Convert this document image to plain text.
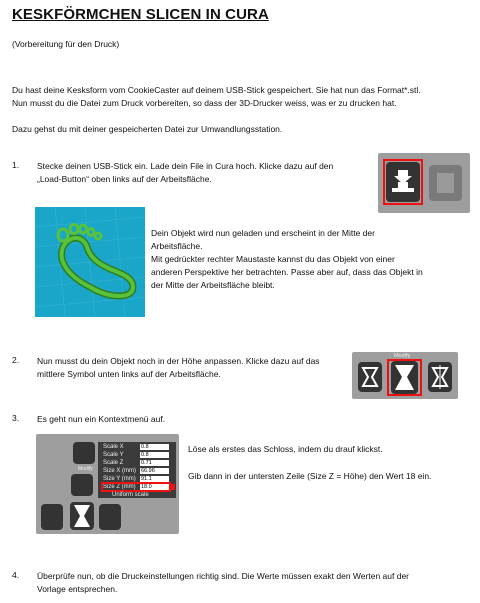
KESKFÖRMCHEN SLICEN IN CURA
(Vorbereitung für den Druck)
Du hast deine Kesksform vom CookieCaster auf deinem USB-Stick gespeichert. Sie hat nun das Format*.stl.
Nun musst du die Datei zum Druck vorbereiten, so dass der 3D-Drucker weiss, was er zu drucken hat.
Dazu gehst du mit deiner gespeicherten Datei zur Umwandlungsstation.
1. Stecke deinen USB-Stick ein. Lade dein File in Cura hoch. Klicke dazu auf den
„Load-Button“ oben links auf der Arbeitsfläche.
Dein Objekt wird nun geladen und erscheint in der Mitte der
Arbeitsfläche.
Mit gedrückter rechter Maustaste kannst du das Objekt von einer
anderen Perspektive her betrachten. Passe aber auf, dass das Objekt in
der Mitte der Arbeitsfläche bleibt.
2. Nun musst du dein Objekt noch in der Höhe anpassen. Klicke dazu auf das
mittlere Symbol unten links auf der Arbeitsfläche.
Modify
3. Es geht nun ein Kontextmenü auf.
Modify
Scale X	0.8
Scale Y	0.8
Scale Z	0.71
Size X (mm) 66.96
Size Y (mm) 91.1
Size Z (mm) 18.0
Uniform scale
Löse als erstes das Schloss, indem du drauf klickst.
Gib dann in der untersten Zeile (Size Z = Höhe) den Wert 18 ein.
4. Überprüfe nun, ob die Druckeinstellungen richtig sind. Die Werte müssen exakt den Werten auf der
Vorlage entsprechen.
